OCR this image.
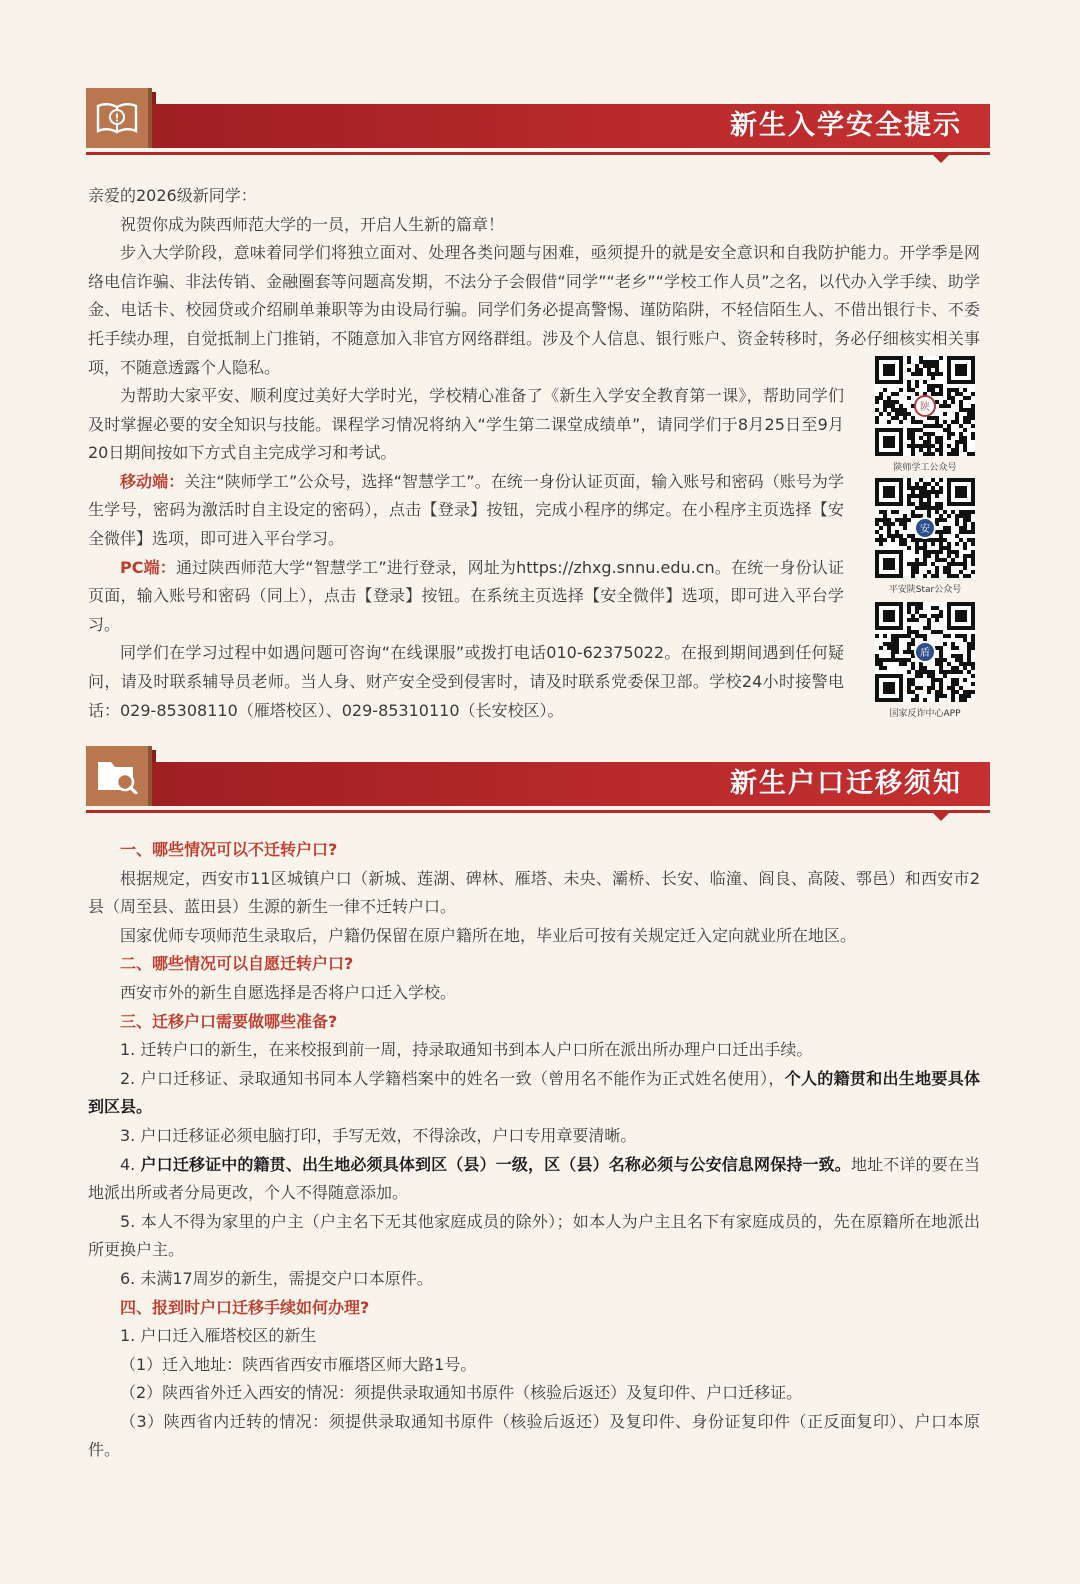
!	新生入学安全提示

亲爱的2026级新同学：

祝贺你成为陕西师范大学的一员，开启人生新的篇章！

步入大学阶段，意味着同学们将独立面对、处理各类问题与困难，亟须提升的就是安全意识和自我防护能力。开学季是网络电信诈骗、非法传销、金融圈套等问题高发期，不法分子会假借“同学”“老乡”“学校工作人员”之名，以代办入学手续、助学金、电话卡、校园贷或介绍刷单兼职等为由设局行骗。同学们务必提高警惕、谨防陷阱，不轻信陌生人、不借出银行卡、不委托手续办理，自觉抵制上门推销，不随意加入非官方网络群组。涉及个人信息、银行账户、资金转移时，务必仔细核实相关事项，不随意透露个人隐私。

为帮助大家平安、顺利度过美好大学时光，学校精心准备了《新生入学安全教育第一课》，帮助同学们及时掌握必要的安全知识与技能。课程学习情况将纳入“学生第二课堂成绩单”，请同学们于8月25日至9月20日期间按如下方式自主完成学习和考试。

移动端：关注“陕师学工”公众号，选择“智慧学工”。在统一身份认证页面，输入账号和密码（账号为学生学号，密码为激活时自主设定的密码），点击【登录】按钮，完成小程序的绑定。在小程序主页选择【安全微伴】选项，即可进入平台学习。

PC端：通过陕西师范大学“智慧学工”进行登录，网址为https://zhxg.snnu.edu.cn。在统一身份认证页面，输入账号和密码（同上），点击【登录】按钮。在系统主页选择【安全微伴】选项，即可进入平台学习。

同学们在学习过程中如遇问题可咨询“在线课服”或拨打电话010-62375022。在报到期间遇到任何疑问，请及时联系辅导员老师。当人身、财产安全受到侵害时，请及时联系党委保卫部。学校24小时接警电话：029-85308110（雁塔校区）、029-85310110（长安校区）。

陕
陕师学工公众号
安
平安陕Star公众号
盾
国家反诈中心APP
新生户口迁移须知

一、哪些情况可以不迁转户口?

根据规定，西安市11区城镇户口（新城、莲湖、碑林、雁塔、未央、灞桥、长安、临潼、阎良、高陵、鄠邑）和西安市2县（周至县、蓝田县）生源的新生一律不迁转户口。

国家优师专项师范生录取后，户籍仍保留在原户籍所在地，毕业后可按有关规定迁入定向就业所在地区。

二、哪些情况可以自愿迁转户口?

西安市外的新生自愿选择是否将户口迁入学校。

三、迁移户口需要做哪些准备?

1. 迁转户口的新生，在来校报到前一周，持录取通知书到本人户口所在派出所办理户口迁出手续。

2. 户口迁移证、录取通知书同本人学籍档案中的姓名一致（曾用名不能作为正式姓名使用），个人的籍贯和出生地要具体到区县。

3. 户口迁移证必须电脑打印，手写无效，不得涂改，户口专用章要清晰。

4. 户口迁移证中的籍贯、出生地必须具体到区（县）一级，区（县）名称必须与公安信息网保持一致。地址不详的要在当地派出所或者分局更改，个人不得随意添加。

5. 本人不得为家里的户主（户主名下无其他家庭成员的除外）；如本人为户主且名下有家庭成员的，先在原籍所在地派出所更换户主。

6. 未满17周岁的新生，需提交户口本原件。

四、报到时户口迁移手续如何办理?

1. 户口迁入雁塔校区的新生

（1）迁入地址：陕西省西安市雁塔区师大路1号。

（2）陕西省外迁入西安的情况：须提供录取通知书原件（核验后返还）及复印件、户口迁移证。

（3）陕西省内迁转的情况：须提供录取通知书原件（核验后返还）及复印件、身份证复印件（正反面复印）、户口本原件。
